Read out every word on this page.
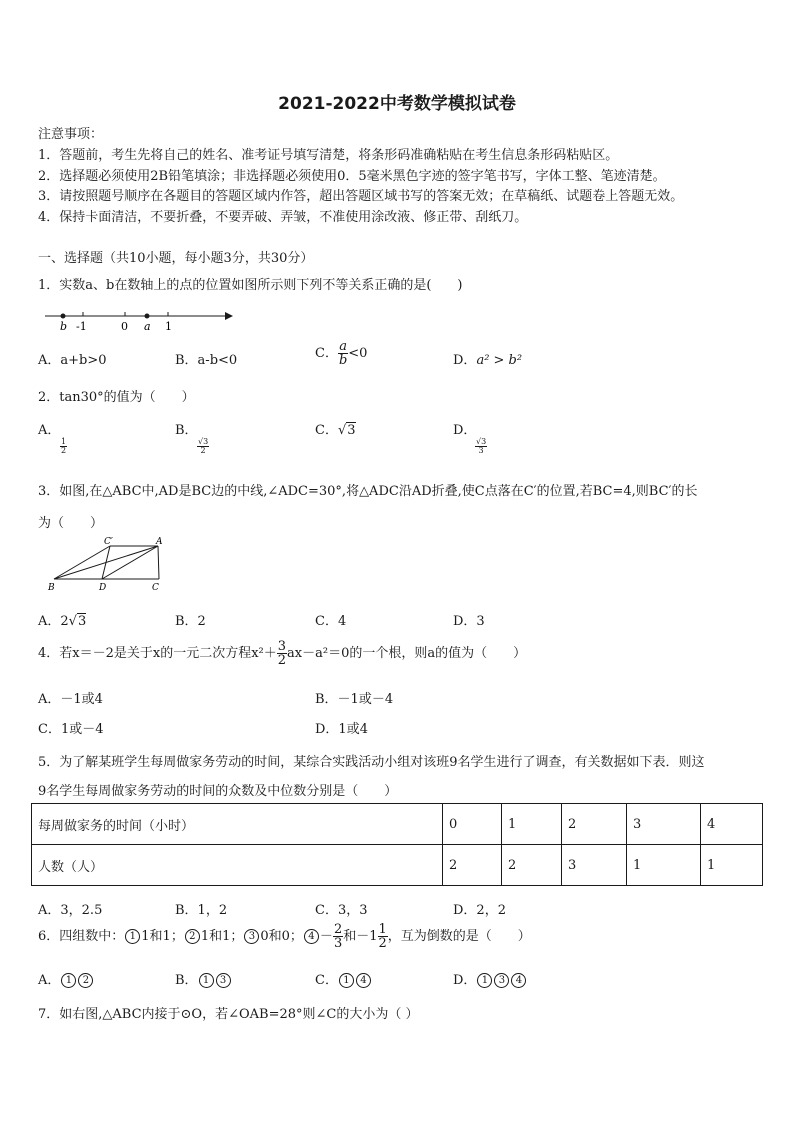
2021-2022中考数学模拟试卷
注意事项：
1．答题前，考生先将自己的姓名、准考证号填写清楚，将条形码准确粘贴在考生信息条形码粘贴区。
2．选择题必须使用2B铅笔填涂；非选择题必须使用0．5毫米黑色字迹的签字笔书写，字体工整、笔迹清楚。
3．请按照题号顺序在各题目的答题区域内作答，超出答题区域书写的答案无效；在草稿纸、试题卷上答题无效。
4．保持卡面清洁，不要折叠，不要弄破、弄皱，不准使用涂改液、修正带、刮纸刀。
一、选择题（共10小题，每小题3分，共30分）
1．实数a、b在数轴上的点的位置如图所示则下列不等关系正确的是(　　)
b -1	0 a 1
A．a+b>0	B．a-b<0	C． $\frac{a}{b} <0$	D．a² > b²
2．tan30°的值为（　　）
A．

$\frac{1}{2}$
B．

$\frac{√3}{2}$
C．√3	D．

$\frac{√3}{3}$
3．如图,在△ABC中,AD是BC边的中线,∠ADC=30°,将△ADC沿AD折叠,使C点落在C′的位置,若BC=4,则BC′的长
为（　　）
C′	A
B	D	C
A．2√3	B．2	C．4	D．3
4．若x＝－2是关于x的一元二次方程$x^2+ \frac{3}{2} ax-a^2=0$的一个根，则a的值为（　　）
A．－1或4	B．－1或－4
C．1或－4	D．1或4
5．为了解某班学生每周做家务劳动的时间，某综合实践活动小组对该班9名学生进行了调查，有关数据如下表．则这
9名学生每周做家务劳动的时间的众数及中位数分别是（　　）
每周做家务的时间（小时）	0	1	2	3	4
人数（人）	2	2	3	1	1
A．3，2.5	B．1，2	C．3，3	D．2，2
6．四组数中： 1 1和1； 2 1和1； 3 0和0； $4 - \frac{2}{3}$ 和$-1 \frac{1}{2}$ ，互为倒数的是（　　）
A． 1 2	B． 1 3	C． 1 4	D． 1 3 4
7．如右图,△ABC内接于⊙O，若∠OAB=28°则∠C的大小为（ ）
